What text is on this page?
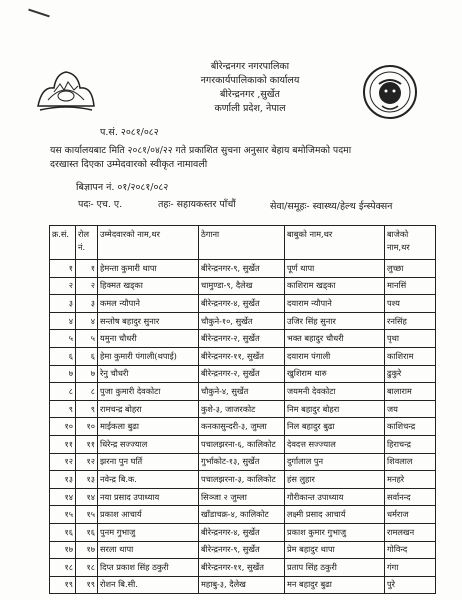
बीरेन्द्रनगर नगरपालिका
नगरकार्यपालिकाको कार्यालय
बीरेन्द्रनगर ,सुर्खेत
कर्णाली प्रदेश, नेपाल
प.सं. २०८१/०८२
यस कार्यालयबाट मिति २०८१/०४/२२ गते प्रकाशित सुचना अनुसार बेहाय बमोजिमको पदमा
दरखास्त दिएका उम्मेदवारको स्वीकृत नामावली
बिज्ञापन नं. ०१/२०८१/०८२
पदः- एच. ए.	तहः- सहायकस्तर पाँचौं	सेवा/समूहः- स्वास्थ्य/हेल्थ ईन्स्पेक्सन
क्र.सं.	रोल नं.	उम्मेदवारको नाम,थर	ठेगाना	बाबुको नाम,थर	बाजेको नाम,थर
१	१	हेमन्ता कुमारी थापा	बीरेन्द्रनगर-९, सुर्खेत	पूर्ण थापा	लुच्छा
२	२	हिक्मत खड्का	चामुण्डा-९, दैलेख	काशिराम खड्का	मानसिं
३	३	कमल न्यौपाने	बीरेन्द्रनगर-४, सुर्खेत	दयाराम न्यौपाने	पश्य
४	४	सन्तोष बहादुर सुनार	चौकुने-१०, सुर्खेत	उजिर सिंह सुनार	रनसिंह
५	५	यमुना चौधरी	बीरेन्द्रनगर-२, सुर्खेत	भक्त बहादुर चौधरी	पृथा
६	६	हेमा कुमारी पंगाली(थपाई)	बीरेन्द्रनगर-११, सुर्खेत	दयाराम पंगाली	काशिराम
७	७	रेनु चौधरी	बीरेन्द्रनगर-२, सुर्खेत	खुशिराम थारु	ढुकुरे
८	८	पुजा कुमारी देवकोटा	चौकुने-४, सुर्खेत	जयमनी देवकोटा	बालाराम
९	९	रामचन्द्र बोहरा	कुशे-३, जाजरकोट	निम बहादुर बोहरा	जय
१०	१०	माईकला बुढा	कनकासुन्दरी-३, जुम्ला	निल बहादुर बुढा	काशिचन्द्र
११	११	धिरेन्द्र सज्ज्याल	पचालझरना-६, कालिकोट	देवदत्त सज्ज्याल	हिराचन्द्र
१२	१२	झरना पुन घर्ति	गुर्भाकोट-१३, सुर्खेत	दुर्गालाल पुन	शिवलाल
१३	१३	नवेन्द्र बि.क.	पचालझरना-३, कालिकोट	हंस लुहार	मनहरे
१४	१४	नया प्रसाद उपाध्याय	सिञ्जा २ जुम्ला	गौरीकान्त उपाध्याय	सर्वानन्द
१५	१५	प्रकाश आचार्य	खाँडाचक्र-४, कालिकोट	लक्ष्मी प्रसाद आचार्य	धर्मराज
१६	१६	पुनम गुभाजु	बीरेन्द्रनगर-४, सुर्खेत	प्रकाश कुमार गुभाजु	रामलखन
१७	१७	सरला थापा	बीरेन्द्रनगर-९, सुर्खेत	प्रेम बहादुर थापा	गोविन्द
१८	१८	दिप्त प्रकाश सिंह ठकुरी	बीरेन्द्रनगर-११, सुर्खेत	प्रताप सिंह ठकुरी	गंगा
१९	१९	रोशन बि.सी.	महाबु-३, दैलेख	मन बहादुर बुढा	पुरे
